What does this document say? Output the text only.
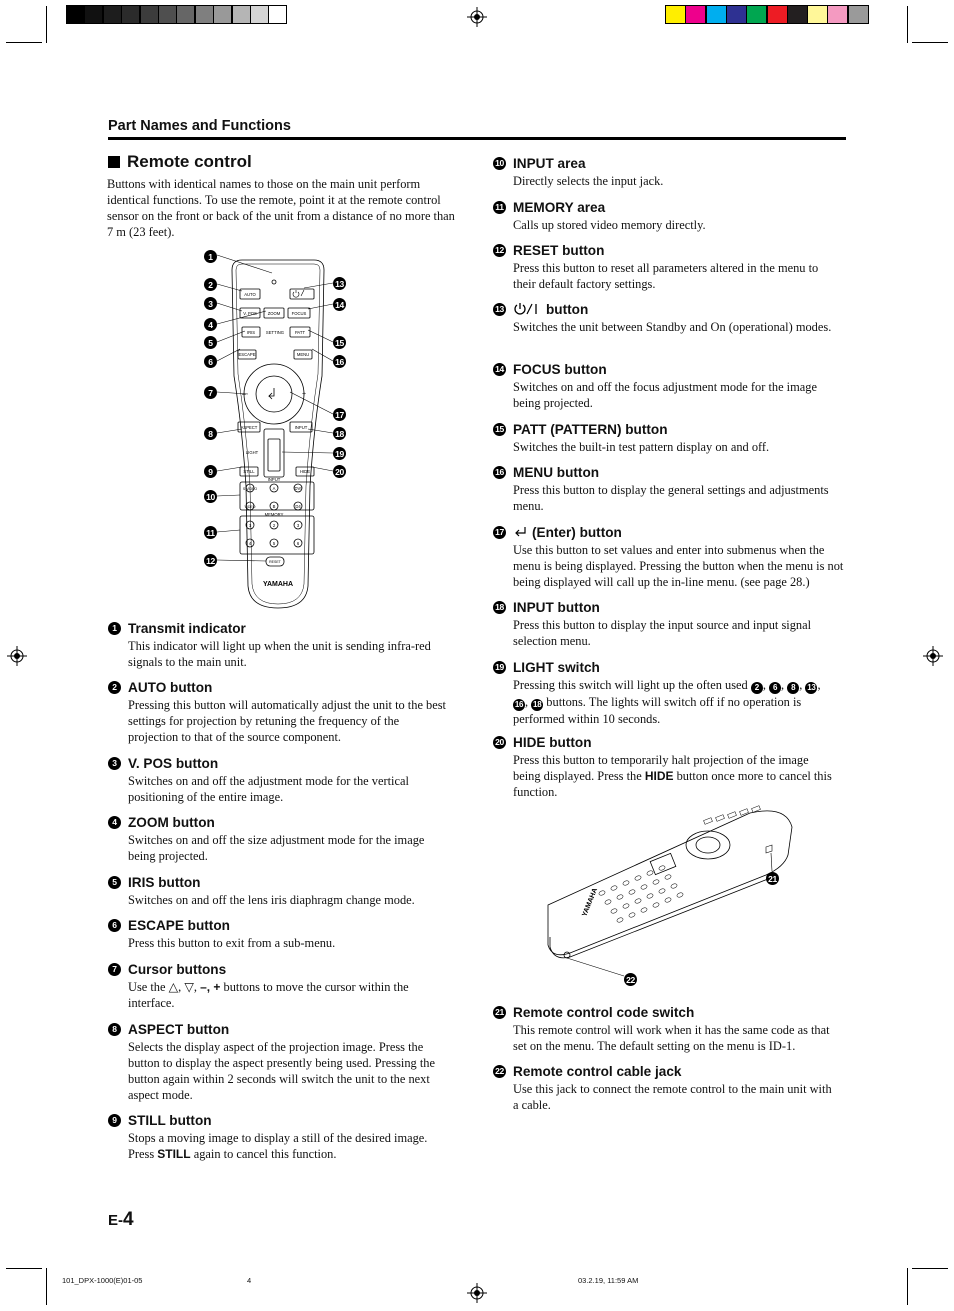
Part Names and Functions
Remote control
Buttons with identical names to those on the main unit perform identical functions. To use the remote, point it at the remote control sensor on the front or back of the unit from a distance of no more than 7 m (23 feet).
AUTO
V. POS	ZOOM	FOCUS
IRIS	SETTING	PATT
ESCAPE	MENU
–	+
ASPECT	INPUT
LIGHT
STILL	HIDE
INPUT
S VIDEO	A	DVI
VIDEO	B	D4
MEMORY
1	2	3
4	5	6
RESET
YAMAHA
1
2
3
4
5
6
7
8
9
10
11
12
13
14
15
16
17
18
19
20
1 Transmit indicator
This indicator will light up when the unit is sending infra-red signals to the main unit.
2 AUTO button
Pressing this button will automatically adjust the unit to the best settings for projection by retuning the frequency of the projection to that of the source component.
3 V. POS button
Switches on and off the adjustment mode for the vertical positioning of the entire image.
4 ZOOM button
Switches on and off the size adjustment mode for the image being projected.
5 IRIS button
Switches on and off the lens iris diaphragm change mode.
6 ESCAPE button
Press this button to exit from a sub-menu.
7 Cursor buttons
Use the △, ▽, –, + buttons to move the cursor within the interface.
8 ASPECT button
Selects the display aspect of the projection image. Press the button to display the aspect presently being used. Pressing the button again within 2 seconds will switch the unit to the next aspect mode.
9 STILL button
Stops a moving image to display a still of the desired image. Press STILL again to cancel this function.
10 INPUT area
Directly selects the input jack.
11 MEMORY area
Calls up stored video memory directly.
12 RESET button
Press this button to reset all parameters altered in the menu to their default factory settings.
13	button
Switches the unit between Standby and On (operational) modes.
14 FOCUS button
Switches on and off the focus adjustment mode for the image being projected.
15 PATT (PATTERN) button
Switches the built-in test pattern display on and off.
16 MENU button
Press this button to display the general settings and adjustments menu.
17 (Enter) button
Use this button to set values and enter into submenus when the menu is being displayed. Pressing the button when the menu is not being displayed will call up the in-line menu. (see page 28.)
18 INPUT button
Press this button to display the input source and input signal selection menu.
19 LIGHT switch
Pressing this switch will light up the often used 2 , 6 , 8 , 13 , 16 , 18 buttons. The lights will switch off if no operation is performed within 10 seconds.
20 HIDE button
Press this button to temporarily halt projection of the image being displayed. Press the HIDE button once more to cancel this function.
YAMAHA
21
22
21 Remote control code switch
This remote control will work when it has the same code as that set on the menu. The default setting on the menu is ID-1.
22 Remote control cable jack
Use this jack to connect the remote control to the main unit with a cable.
E-4
101_DPX-1000(E)01-05	4	03.2.19, 11:59 AM
